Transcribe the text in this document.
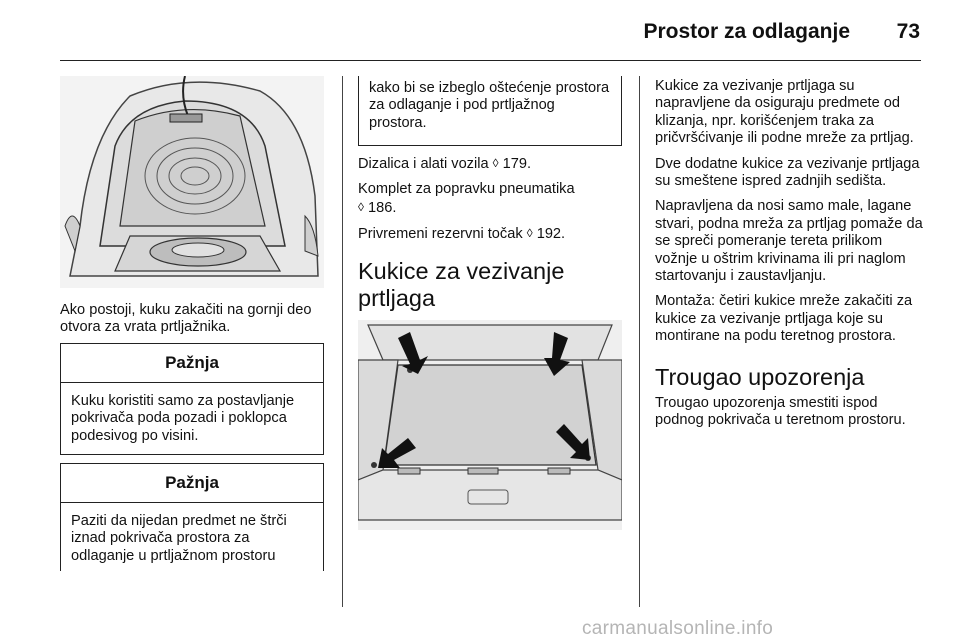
Prostor za odlaganje	73

Ako postoji, kuku zakačiti na gornji deo otvora za vrata prtljažnika.

Pažnja
Kuku koristiti samo za postavljanje pokrivača poda pozadi i poklopca podesivog po visini.
Pažnja
Paziti da nijedan predmet ne štrči iznad pokrivača prostora za odlaganje u prtljažnom prostoru
kako bi se izbeglo oštećenje prostora za odlaganje i pod prtljažnog prostora.

Dizalica i alati vozila ◊ 179.

Komplet za popravku pneumatika
◊ 186.

Privremeni rezervni točak ◊ 192.

Kukice za vezivanje prtljaga

Kukice za vezivanje prtljaga su napravljene da osiguraju predmete od klizanja, npr. korišćenjem traka za pričvršćivanje ili podne mreže za prtljag.

Dve dodatne kukice za vezivanje prtljaga su smeštene ispred zadnjih sedišta.

Napravljena da nosi samo male, lagane stvari, podna mreža za prtljag pomaže da se spreči pomeranje tereta prilikom vožnje u oštrim krivinama ili pri naglom startovanju i zaustavljanju.

Montaža: četiri kukice mreže zakačiti za kukice za vezivanje prtljaga koje su montirane na podu teretnog prostora.

Trougao upozorenja

Trougao upozorenja smestiti ispod podnog pokrivača u teretnom prostoru.

carmanualsonline.info
